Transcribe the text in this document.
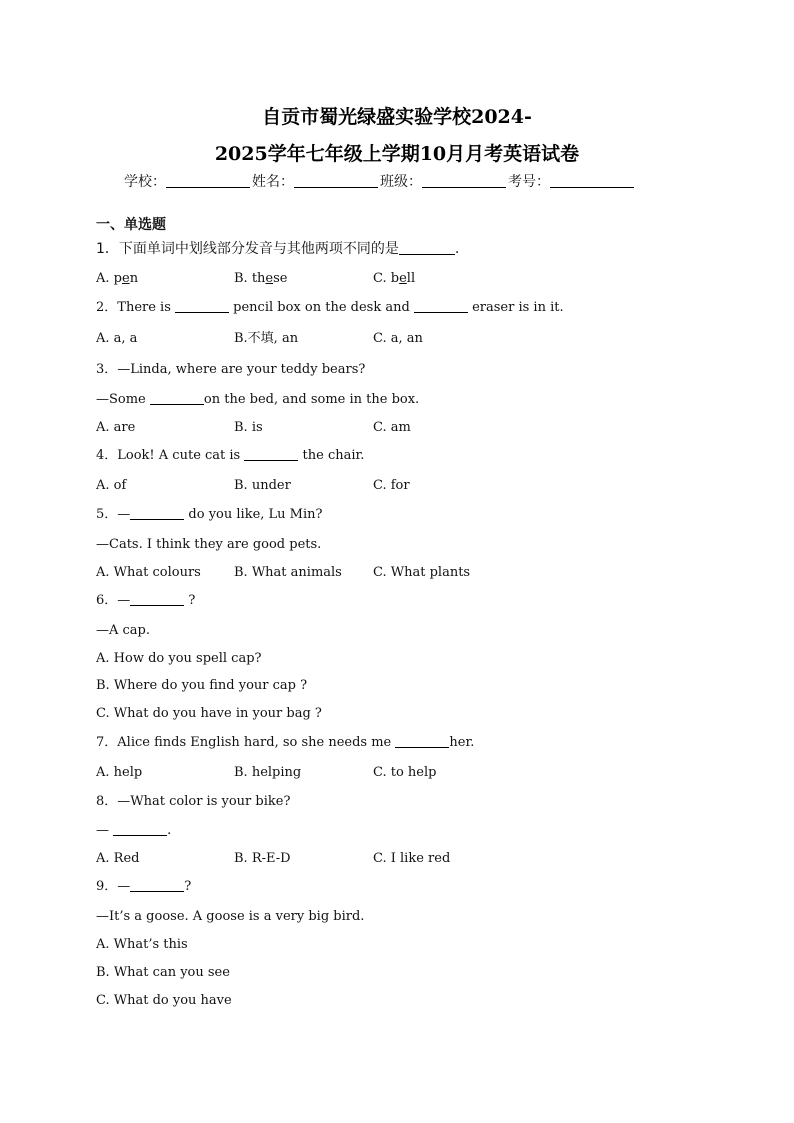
自贡市蜀光绿盛实验学校2024-
2025学年七年级上学期10月月考英语试卷
学校：	姓名：	班级：	考号：
一、单选题
1．下面单词中划线部分发音与其他两项不同的是	.
A. pen	B. these	C. bell
2．There is	pencil box on the desk and	eraser is in it.
A. a, a	B.不填, an	C. a, an
3．—Linda, where are your teddy bears?
—Some	on the bed, and some in the box.
A. are	B. is	C. am
4．Look! A cute cat is	the chair.
A. of	B. under	C. for
5．—	do you like, Lu Min?
—Cats. I think they are good pets.
A. What colours	B. What animals C. What plants
6．—	?
—A cap.
A. How do you spell cap?
B. Where do you find your cap ?
C. What do you have in your bag ?
7．Alice finds English hard, so she needs me	her.
A. help	B. helping	C. to help
8．—What color is your bike?
—	.
A. Red	B. R-E-D	C. I like red
9．—	?
—It’s a goose. A goose is a very big bird.
A. What’s this
B. What can you see
C. What do you have
